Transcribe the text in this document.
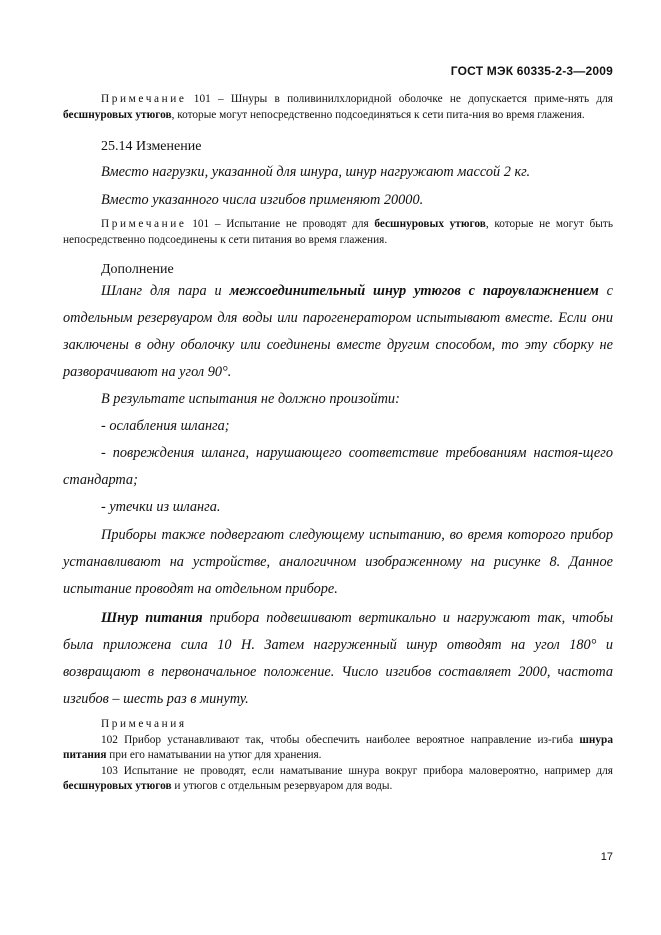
ГОСТ МЭК 60335-2-3—2009

Примечание 101 – Шнуры в поливинилхлоридной оболочке не допускается приме-нять для бесшнуровых утюгов, которые могут непосредственно подсоединяться к сети пита-ния во время глажения.

25.14 Изменение

Вместо нагрузки, указанной для шнура, шнур нагружают массой 2 кг.

Вместо указанного числа изгибов применяют 20000.

Примечание 101 – Испытание не проводят для бесшнуровых утюгов, которые не могут быть непосредственно подсоединены к сети питания во время глажения.

Дополнение

Шланг для пара и межсоединительный шнур утюгов с пароувлажнением с отдельным резервуаром для воды или парогенератором испытывают вместе. Если они заключены в одну оболочку или соединены вместе другим способом, то эту сборку не разворачивают на угол 90°.

В результате испытания не должно произойти:

- ослабления шланга;

- повреждения шланга, нарушающего соответствие требованиям настоя-щего стандарта;

- утечки из шланга.

Приборы также подвергают следующему испытанию, во время которого прибор устанавливают на устройстве, аналогичном изображенному на рисунке 8. Данное испытание проводят на отдельном приборе.

Шнур питания прибора подвешивают вертикально и нагружают так, чтобы была приложена сила 10 Н. Затем нагруженный шнур отводят на угол 180° и возвращают в первоначальное положение. Число изгибов составляет 2000, частота изгибов – шесть раз в минуту.

Примечания

102 Прибор устанавливают так, чтобы обеспечить наиболее вероятное направление из-гиба шнура питания при его наматывании на утюг для хранения.

103 Испытание не проводят, если наматывание шнура вокруг прибора маловероятно, например для бесшнуровых утюгов и утюгов с отдельным резервуаром для воды.

17
